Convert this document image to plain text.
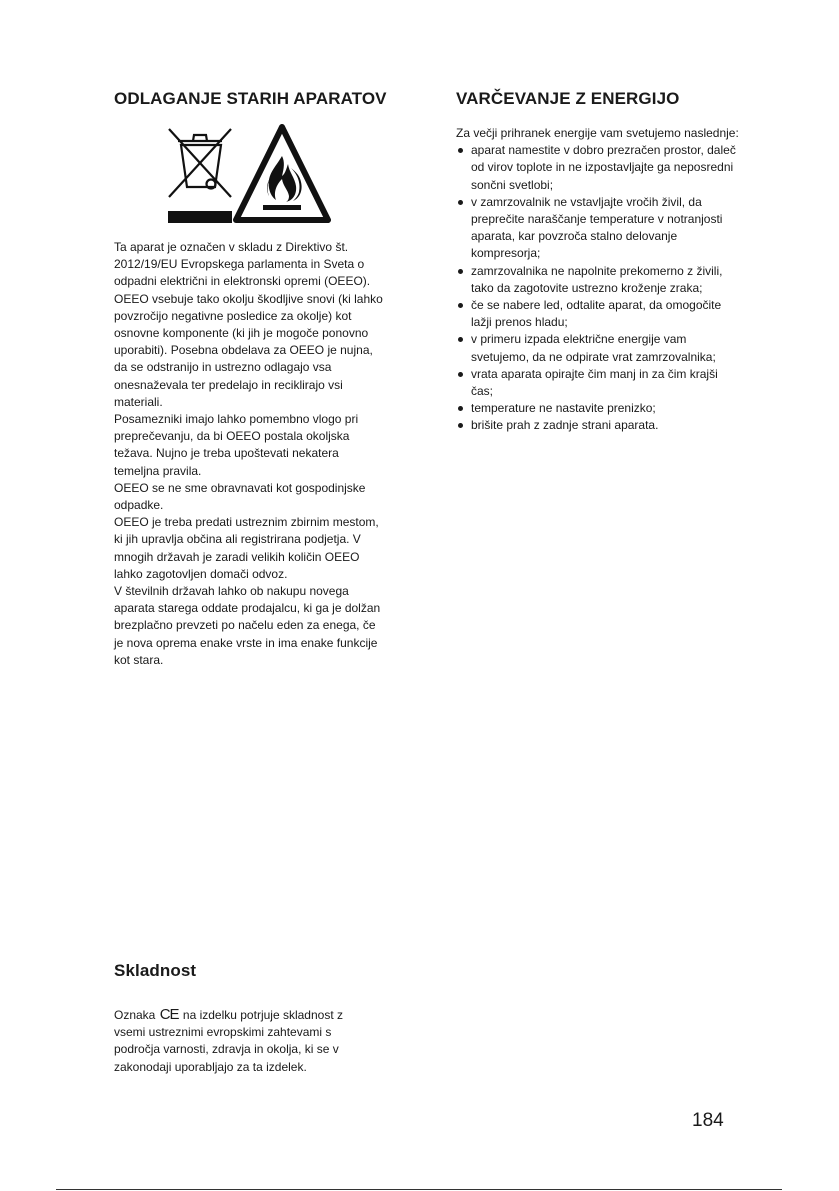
ODLAGANJE STARIH APARATOV

Ta aparat je označen v skladu z Direktivo št. 2012/19/EU Evropskega parlamenta in Sveta o odpadni električni in elektronski opremi (OEEO).

OEEO vsebuje tako okolju škodljive snovi (ki lahko povzročijo negativne posledice za okolje) kot osnovne komponente (ki jih je mogoče ponovno uporabiti). Posebna obdelava za OEEO je nujna, da se odstranijo in ustrezno odlagajo vsa onesnaževala ter predelajo in reciklirajo vsi materiali.

Posamezniki imajo lahko pomembno vlogo pri preprečevanju, da bi OEEO postala okoljska težava. Nujno je treba upoštevati nekatera temeljna pravila.

OEEO se ne sme obravnavati kot gospodinjske odpadke.

OEEO je treba predati ustreznim zbirnim mestom, ki jih upravlja občina ali registrirana podjetja. V mnogih državah je zaradi velikih količin OEEO lahko zagotovljen domači odvoz.

V številnih državah lahko ob nakupu novega aparata starega oddate prodajalcu, ki ga je dolžan brezplačno prevzeti po načelu eden za enega, če je nova oprema enake vrste in ima enake funkcije kot stara.

VARČEVANJE Z ENERGIJO

Za večji prihranek energije vam svetujemo naslednje:

aparat namestite v dobro prezračen prostor, daleč od virov toplote in ne izpostavljajte ga neposredni sončni svetlobi;
v zamrzovalnik ne vstavljajte vročih živil, da preprečite naraščanje temperature v notranjosti aparata, kar povzroča stalno delovanje kompresorja;
zamrzovalnika ne napolnite prekomerno z živili, tako da zagotovite ustrezno kroženje zraka;
če se nabere led, odtalite aparat, da omogočite lažji prenos hladu;
v primeru izpada električne energije vam svetujemo, da ne odpirate vrat zamrzovalnika;
vrata aparata opirajte čim manj in za čim krajši čas;
temperature ne nastavite prenizko;
brišite prah z zadnje strani aparata.
Skladnost

Oznaka CE na izdelku potrjuje skladnost z vsemi ustreznimi evropskimi zahtevami s področja varnosti, zdravja in okolja, ki se v zakonodaji uporabljajo za ta izdelek.

184
